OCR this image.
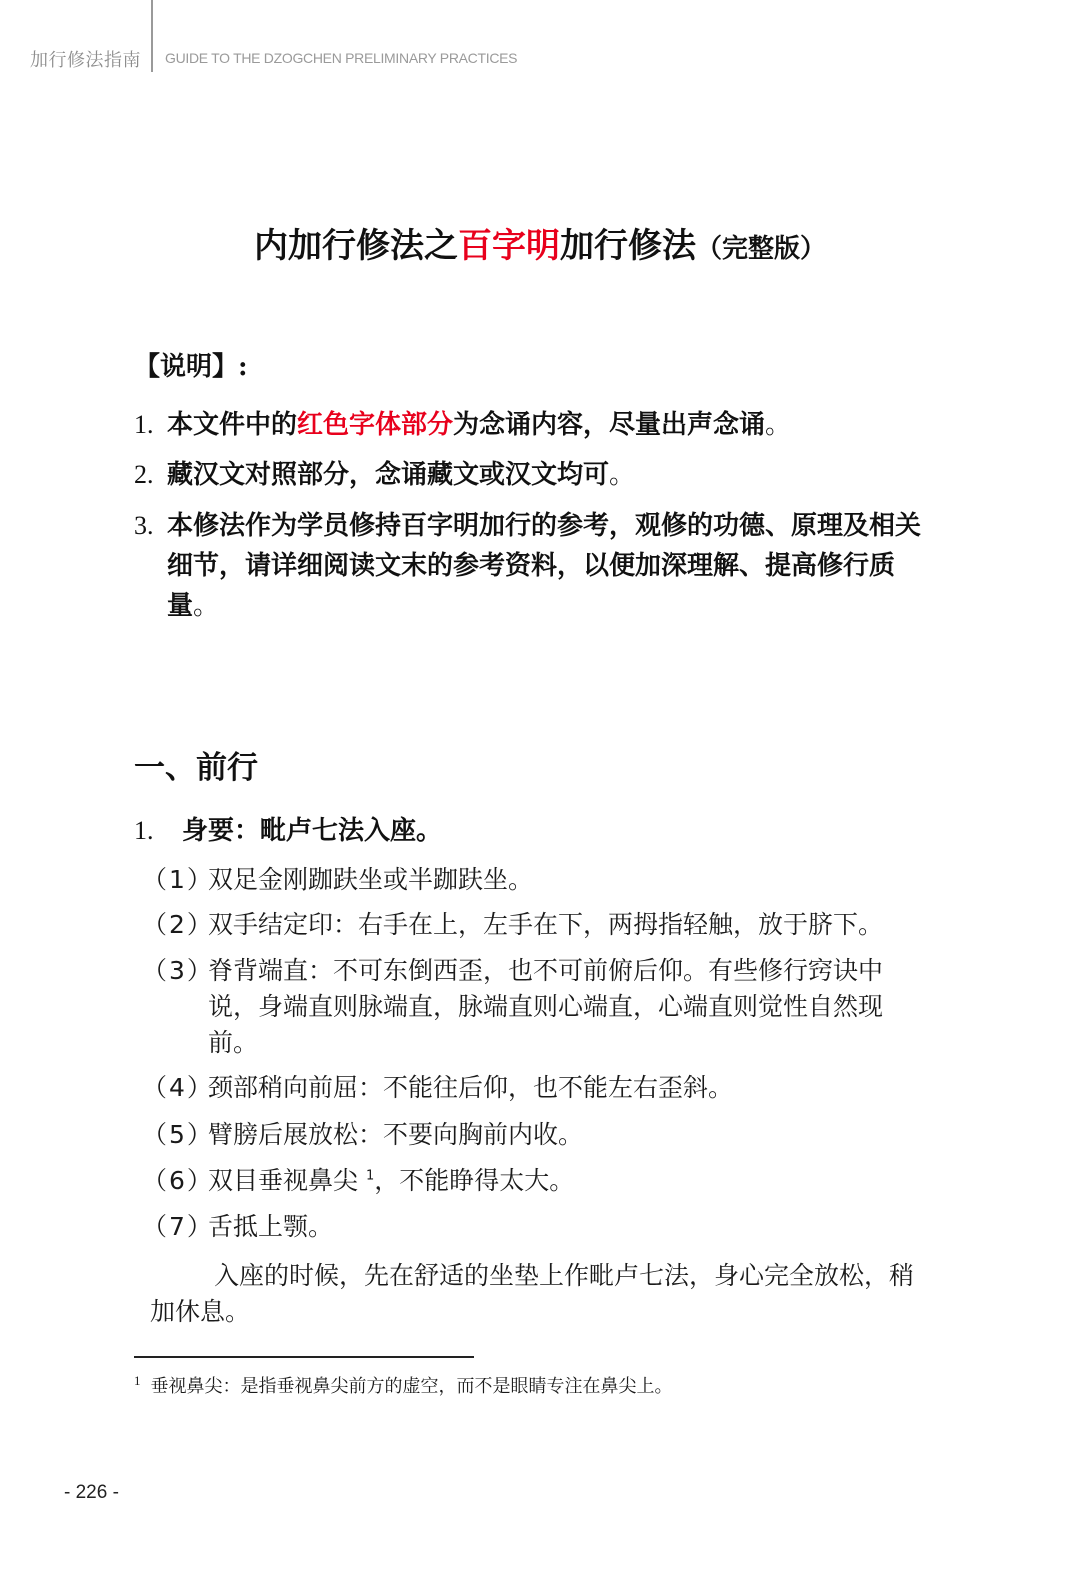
加行修法指南 GUIDE TO THE DZOGCHEN PRELIMINARY PRACTICES
内加行修法之百字明加行修法（完整版）
【说明】:
1. 本文件中的红色字体部分为念诵内容，尽量出声念诵。
2. 藏汉文对照部分，念诵藏文或汉文均可。
3. 本修法作为学员修持百字明加行的参考，观修的功德、原理及相关细节，请详细阅读文末的参考资料，以便加深理解、提高修行质量。
一、前行
1. 身要：毗卢七法入座。
（1）
双足金刚跏趺坐或半跏趺坐。
（2）
双手结定印：右手在上，左手在下，两拇指轻触，放于脐下。
（3）
脊背端直：不可东倒西歪，也不可前俯后仰。有些修行窍诀中说，身端直则脉端直，脉端直则心端直，心端直则觉性自然现前。
（4）
颈部稍向前屈：不能往后仰，也不能左右歪斜。
（5）
臂膀后展放松：不要向胸前内收。
（6）
双目垂视鼻尖 $^1$，不能睁得太大。
（7）
舌抵上颚。
入座的时候，先在舒适的坐垫上作毗卢七法，身心完全放松，稍加休息。
$^1$ 垂视鼻尖：是指垂视鼻尖前方的虚空，而不是眼睛专注在鼻尖上。
- 226 -
